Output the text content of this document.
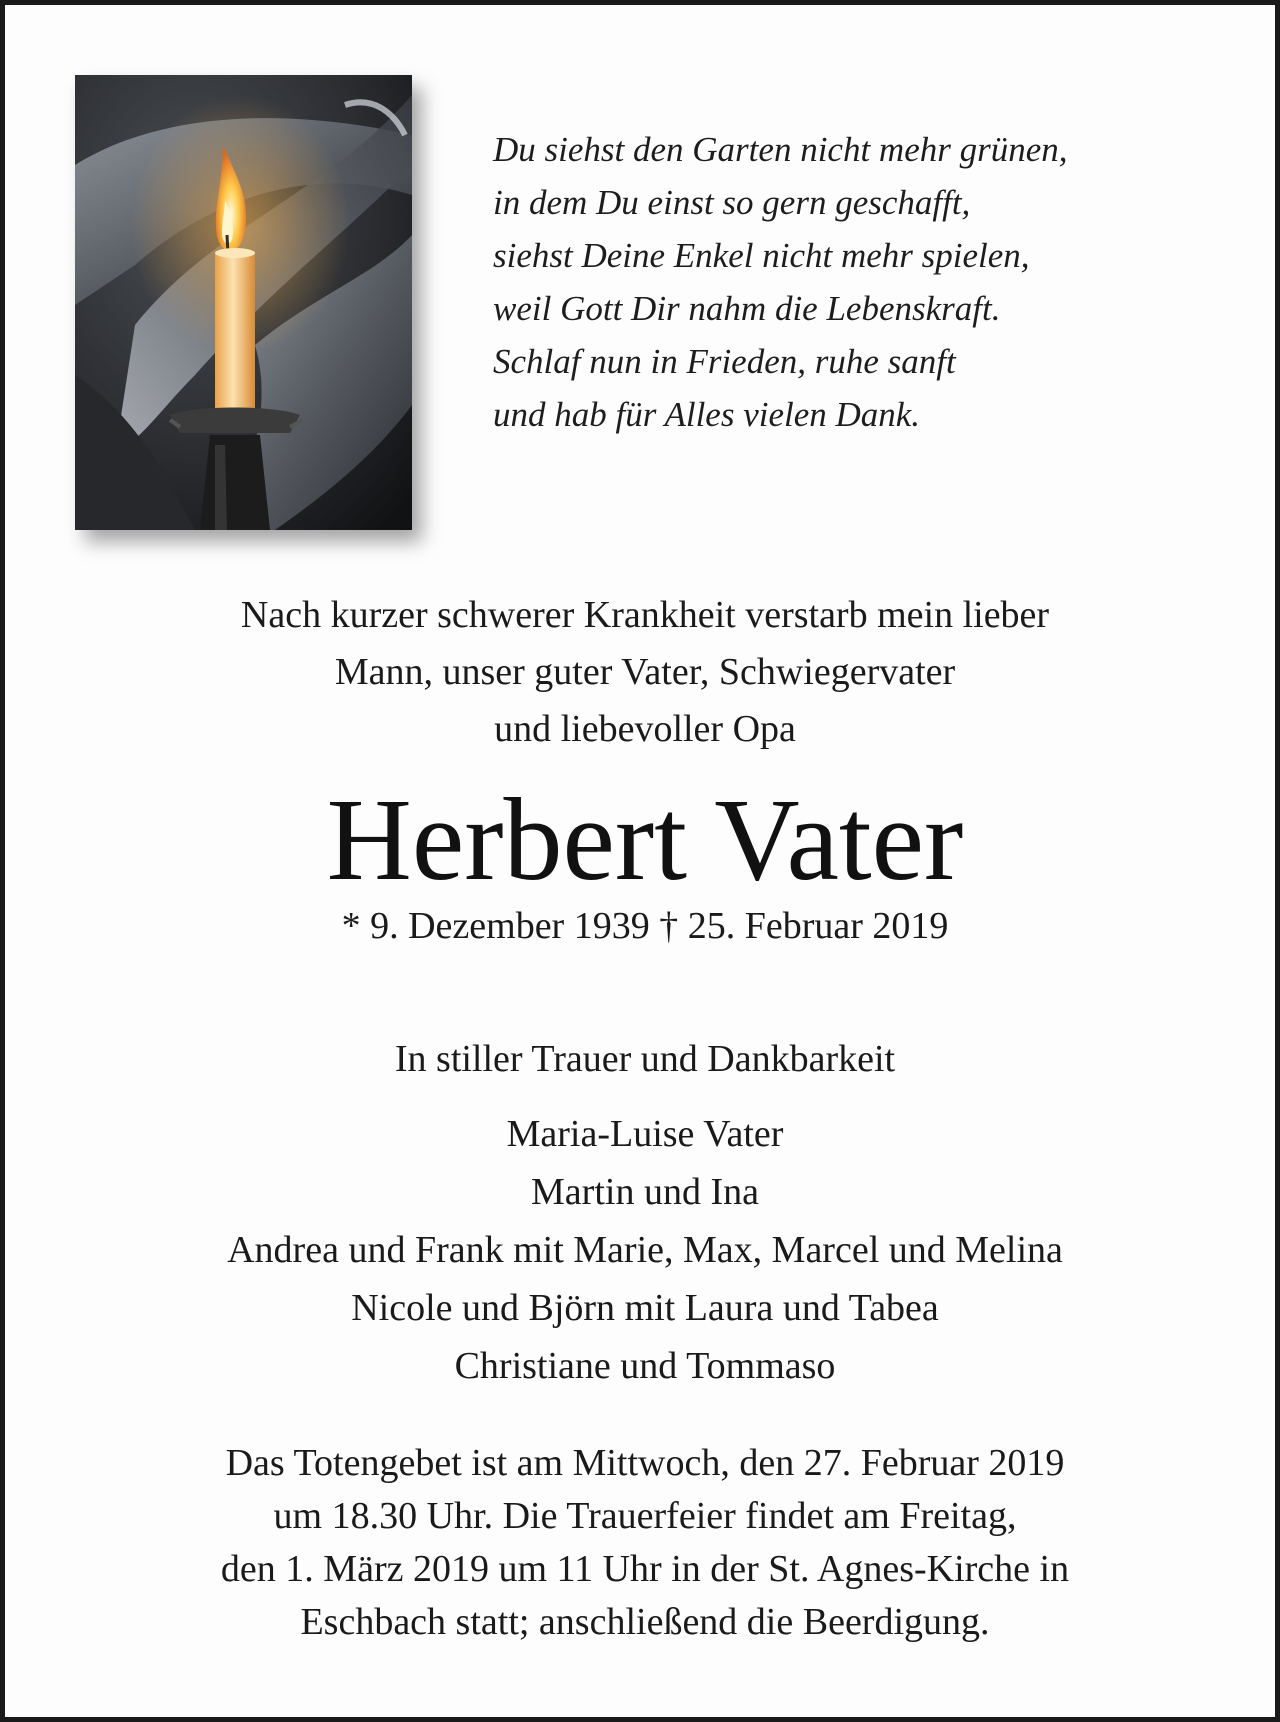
Du siehst den Garten nicht mehr grünen,
in dem Du einst so gern geschafft,
siehst Deine Enkel nicht mehr spielen,
weil Gott Dir nahm die Lebenskraft.
Schlaf nun in Frieden, ruhe sanft
und hab für Alles vielen Dank.
Nach kurzer schwerer Krankheit verstarb mein lieber
Mann, unser guter Vater, Schwiegervater
und liebevoller Opa
Herbert Vater
* 9. Dezember 1939 † 25. Februar 2019
In stiller Trauer und Dankbarkeit
Maria-Luise Vater
Martin und Ina
Andrea und Frank mit Marie, Max, Marcel und Melina
Nicole und Björn mit Laura und Tabea
Christiane und Tommaso
Das Totengebet ist am Mittwoch, den 27. Februar 2019
um 18.30 Uhr. Die Trauerfeier findet am Freitag,
den 1. März 2019 um 11 Uhr in der St. Agnes-Kirche in
Eschbach statt; anschließend die Beerdigung.
